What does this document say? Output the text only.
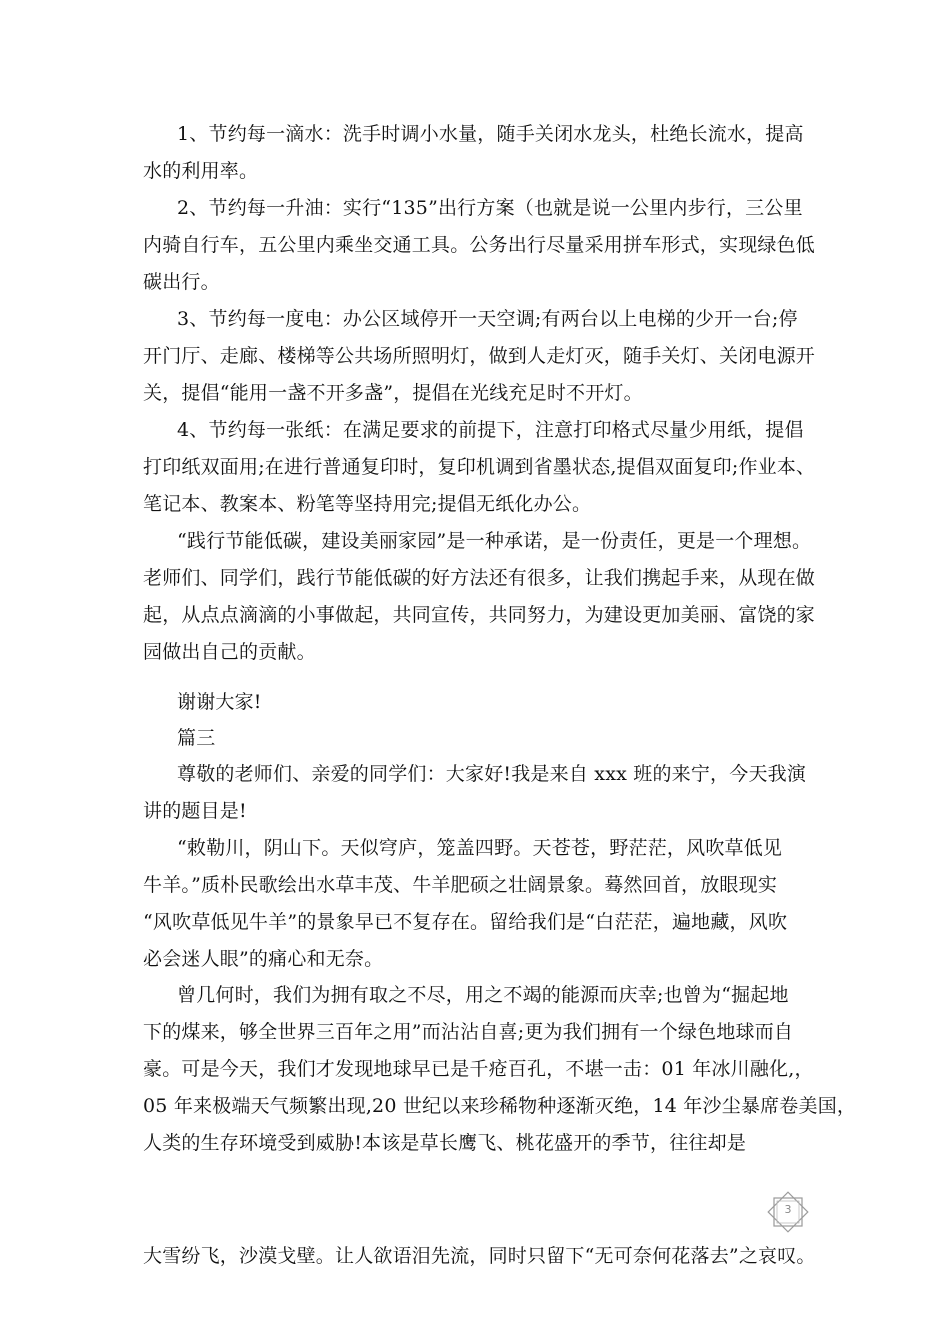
1、节约每一滴水：洗手时调小水量，随手关闭水龙头，杜绝长流水，提高
水的利用率。

2、节约每一升油：实行“135”出行方案（也就是说一公里内步行，三公里
内骑自行车，五公里内乘坐交通工具。公务出行尽量采用拼车形式，实现绿色低
碳出行。

3、节约每一度电：办公区域停开一天空调;有两台以上电梯的少开一台;停
开门厅、走廊、楼梯等公共场所照明灯，做到人走灯灭，随手关灯、关闭电源开
关，提倡“能用一盏不开多盏”，提倡在光线充足时不开灯。

4、节约每一张纸：在满足要求的前提下，注意打印格式尽量少用纸，提倡
打印纸双面用;在进行普通复印时，复印机调到省墨状态,提倡双面复印;作业本、
笔记本、教案本、粉笔等坚持用完;提倡无纸化办公。

“践行节能低碳，建设美丽家园”是一种承诺，是一份责任，更是一个理想。
老师们、同学们，践行节能低碳的好方法还有很多，让我们携起手来，从现在做
起，从点点滴滴的小事做起，共同宣传，共同努力，为建设更加美丽、富饶的家
园做出自己的贡献。

谢谢大家!

篇三

尊敬的老师们、亲爱的同学们：大家好!我是来自 xxx 班的来宁，今天我演
讲的题目是!

“敕勒川，阴山下。天似穹庐，笼盖四野。天苍苍，野茫茫，风吹草低见
牛羊。”质朴民歌绘出水草丰茂、牛羊肥硕之壮阔景象。蓦然回首，放眼现实
“风吹草低见牛羊”的景象早已不复存在。留给我们是“白茫茫，遍地藏，风吹
必会迷人眼”的痛心和无奈。

曾几何时，我们为拥有取之不尽，用之不竭的能源而庆幸;也曾为“掘起地
下的煤来，够全世界三百年之用”而沾沾自喜;更为我们拥有一个绿色地球而自
豪。可是今天，我们才发现地球早已是千疮百孔，不堪一击：01 年冰川融化,，
05 年来极端天气频繁出现,20 世纪以来珍稀物种逐渐灭绝，14 年沙尘暴席卷美国，
人类的生存环境受到威胁!本该是草长鹰飞、桃花盛开的季节，往往却是

3

大雪纷飞，沙漠戈壁。让人欲语泪先流，同时只留下“无可奈何花落去”之哀叹。
